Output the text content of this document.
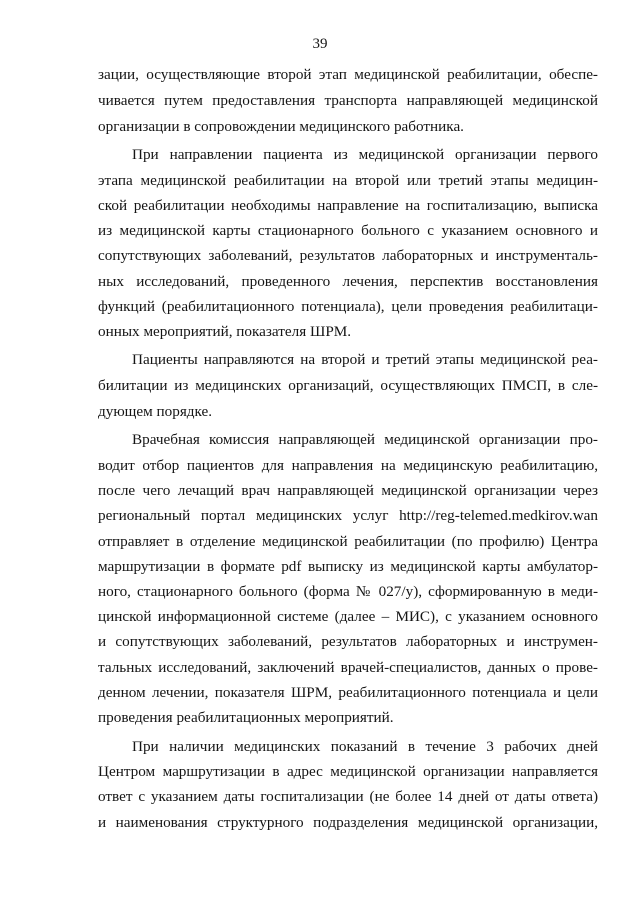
39
зации, осуществляющие второй этап медицинской реабилитации, обеспе-
чивается путем предоставления транспорта направляющей медицинской
организации в сопровождении медицинского работника.
При направлении пациента из медицинской организации первого
этапа медицинской реабилитации на второй или третий этапы медицин-
ской реабилитации необходимы направление на госпитализацию, выписка
из медицинской карты стационарного больного с указанием основного и
сопутствующих заболеваний, результатов лабораторных и инструменталь-
ных исследований, проведенного лечения, перспектив восстановления
функций (реабилитационного потенциала), цели проведения реабилитаци-
онных мероприятий, показателя ШРМ.
Пациенты направляются на второй и третий этапы медицинской реа-
билитации из медицинских организаций, осуществляющих ПМСП, в сле-
дующем порядке.
Врачебная комиссия направляющей медицинской организации про-
водит отбор пациентов для направления на медицинскую реабилитацию,
после чего лечащий врач направляющей медицинской организации через
региональный портал медицинских услуг http://reg-telemed.medkirov.wan
отправляет в отделение медицинской реабилитации (по профилю) Центра
маршрутизации в формате pdf выписку из медицинской карты амбулатор-
ного, стационарного больного (форма № 027/у), сформированную в меди-
цинской информационной системе (далее – МИС), с указанием основного
и сопутствующих заболеваний, результатов лабораторных и инструмен-
тальных исследований, заключений врачей-специалистов, данных о прове-
денном лечении, показателя ШРМ, реабилитационного потенциала и цели
проведения реабилитационных мероприятий.
При наличии медицинских показаний в течение 3 рабочих дней
Центром маршрутизации в адрес медицинской организации направляется
ответ с указанием даты госпитализации (не более 14 дней от даты ответа)
и наименования структурного подразделения медицинской организации,
